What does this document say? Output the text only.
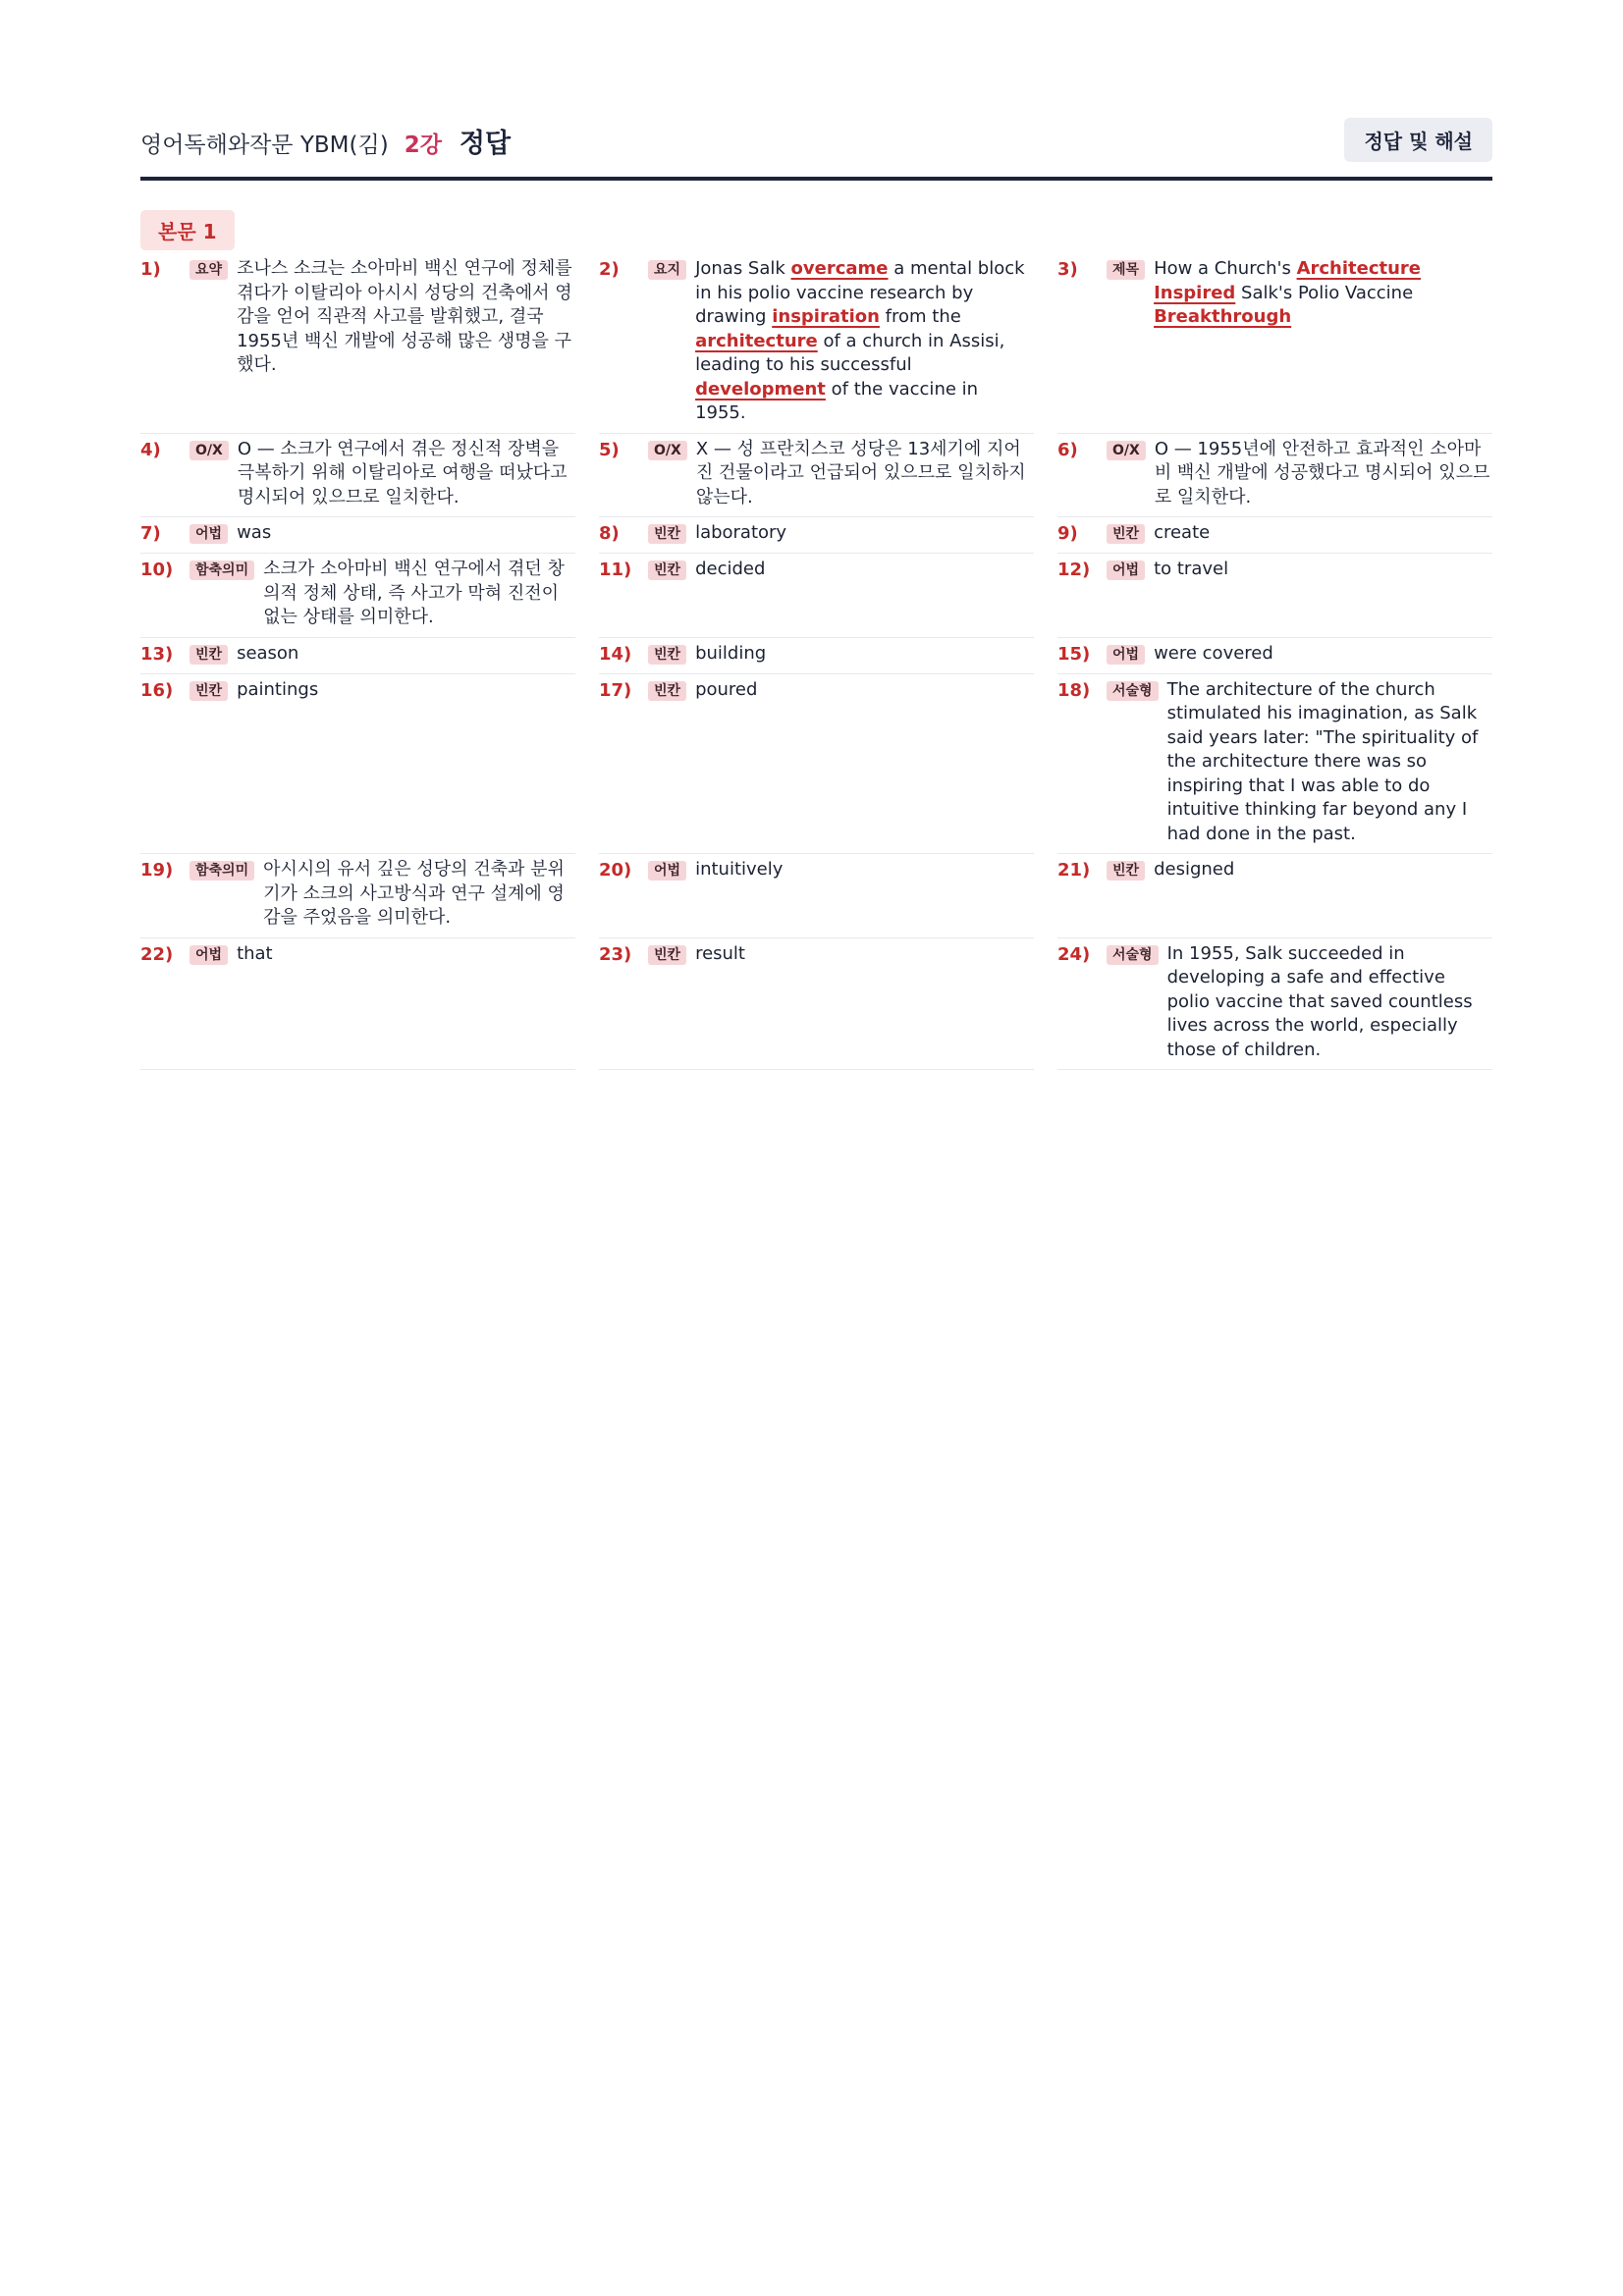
영어독해와작문 YBM(김) 2강 정답	정답 및 해설
본문 1
1)	요약 조나스 소크는 소아마비 백신 연구에 정체를 겪다가 이탈리아 아시시 성당의 건축에서 영감을 얻어 직관적 사고를 발휘했고, 결국 1955년 백신 개발에 성공해 많은 생명을 구했다.
2)	요지 Jonas Salk overcame a mental block in his polio vaccine research by drawing inspiration from the architecture of a church in Assisi, leading to his successful development of the vaccine in 1955.
3)	제목 How a Church's Architecture Inspired Salk's Polio Vaccine Breakthrough
4)	O/X O — 소크가 연구에서 겪은 정신적 장벽을 극복하기 위해 이탈리아로 여행을 떠났다고 명시되어 있으므로 일치한다.
5)	O/X X — 성 프란치스코 성당은 13세기에 지어진 건물이라고 언급되어 있으므로 일치하지 않는다.
6)	O/X O — 1955년에 안전하고 효과적인 소아마비 백신 개발에 성공했다고 명시되어 있으므로 일치한다.
7)	어법 was	8)	빈칸 laboratory	9)	빈칸 create
10)	함축의미 소크가 소아마비 백신 연구에서 겪던 창의적 정체 상태, 즉 사고가 막혀 진전이 없는 상태를 의미한다.
11)	빈칸 decided	12)	어법 to travel
13)	빈칸 season	14)	빈칸 building	15)	어법 were covered
16)	빈칸 paintings	17)	빈칸 poured	18)	서술형 The architecture of the church stimulated his imagination, as Salk said years later: "The spirituality of the architecture there was so inspiring that I was able to do intuitive thinking far beyond any I had done in the past.
19)	함축의미 아시시의 유서 깊은 성당의 건축과 분위기가 소크의 사고방식과 연구 설계에 영감을 주었음을 의미한다.
20)	어법 intuitively	21)	빈칸 designed
22)	어법 that	23)	빈칸 result	24)	서술형 In 1955, Salk succeeded in developing a safe and effective polio vaccine that saved countless lives across the world, especially those of children.
